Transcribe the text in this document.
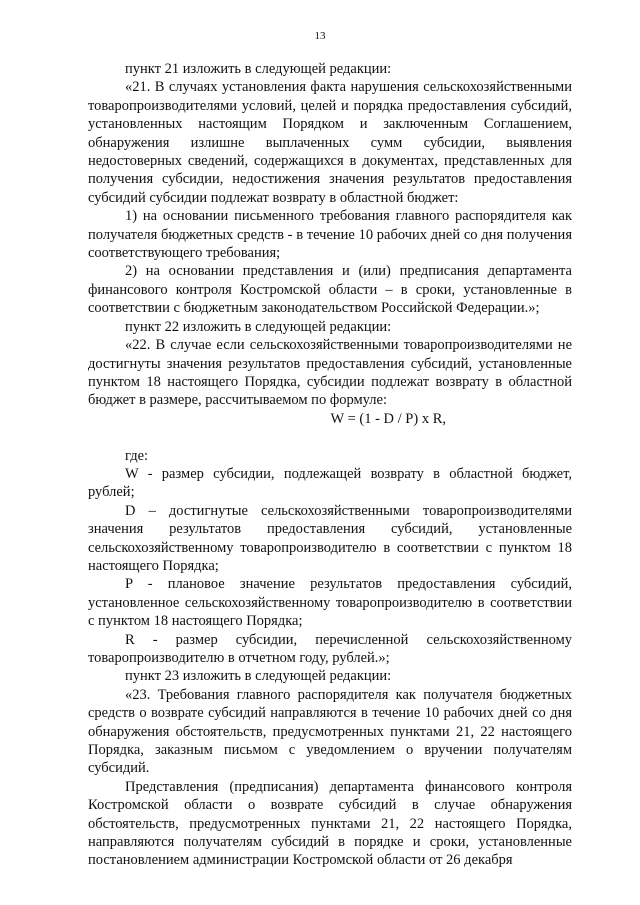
13

пункт 21 изложить в следующей редакции:

«21. В случаях установления факта нарушения сельскохозяйственными товаропроизводителями условий, целей и порядка предоставления субсидий, установленных настоящим Порядком и заключенным Соглашением, обнаружения излишне выплаченных сумм субсидии, выявления недостоверных сведений, содержащихся в документах, представленных для получения субсидии, недостижения значения результатов предоставления субсидий субсидии подлежат возврату в областной бюджет:

1) на основании письменного требования главного распорядителя как получателя бюджетных средств - в течение 10 рабочих дней со дня получения соответствующего требования;

2) на основании представления и (или) предписания департамента финансового контроля Костромской области – в сроки, установленные в соответствии с бюджетным законодательством Российской Федерации.»;

пункт 22 изложить в следующей редакции:

«22. В случае если сельскохозяйственными товаропроизводителями не достигнуты значения результатов предоставления субсидий, установленные пунктом 18 настоящего Порядка, субсидии подлежат возврату в областной бюджет в размере, рассчитываемом по формуле:

W = (1 - D / P) x R,

где:

W - размер субсидии, подлежащей возврату в областной бюджет, рублей;

D – достигнутые сельскохозяйственными товаропроизводителями значения результатов предоставления субсидий, установленные сельскохозяйственному товаропроизводителю в соответствии с пунктом 18 настоящего Порядка;

P - плановое значение результатов предоставления субсидий, установленное сельскохозяйственному товаропроизводителю в соответствии с пунктом 18 настоящего Порядка;

R - размер субсидии, перечисленной сельскохозяйственному товаропроизводителю в отчетном году, рублей.»;

пункт 23 изложить в следующей редакции:

«23. Требования главного распорядителя как получателя бюджетных средств о возврате субсидий направляются в течение 10 рабочих дней со дня обнаружения обстоятельств, предусмотренных пунктами 21, 22 настоящего Порядка, заказным письмом с уведомлением о вручении получателям субсидий.

Представления (предписания) департамента финансового контроля Костромской области о возврате субсидий в случае обнаружения обстоятельств, предусмотренных пунктами 21, 22 настоящего Порядка, направляются получателям субсидий в порядке и сроки, установленные постановлением администрации Костромской области от 26 декабря
